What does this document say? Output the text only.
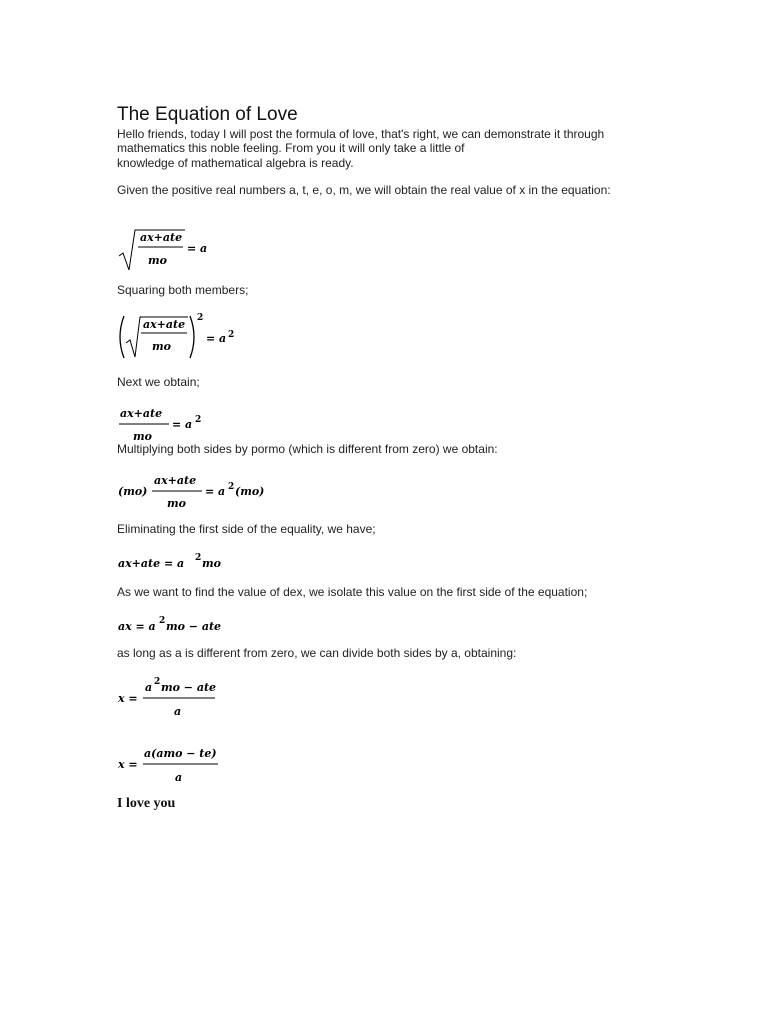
The Equation of Love
Hello friends, today I will post the formula of love, that's right, we can demonstrate it through
mathematics this noble feeling. From you it will only take a little of
knowledge of mathematical algebra is ready.
Given the positive real numbers a, t, e, o, m, we will obtain the real value of x in the equation:
ax+ate
mo
= a
Squaring both members;
ax+ate
mo
2
= a 2
Next we obtain;
ax+ate
mo
= a 2
Multiplying both sides by pormo (which is different from zero) we obtain:
(mo)
ax+ate
mo
= a 2 (mo)
Eliminating the first side of the equality, we have;
ax+ate = a 2 mo
As we want to find the value of dex, we isolate this value on the first side of the equation;
ax = a 2 mo − ate
as long as a is different from zero, we can divide both sides by a, obtaining:
x =
a 2 mo − ate
a
x =
a(amo − te)
a
I love you
